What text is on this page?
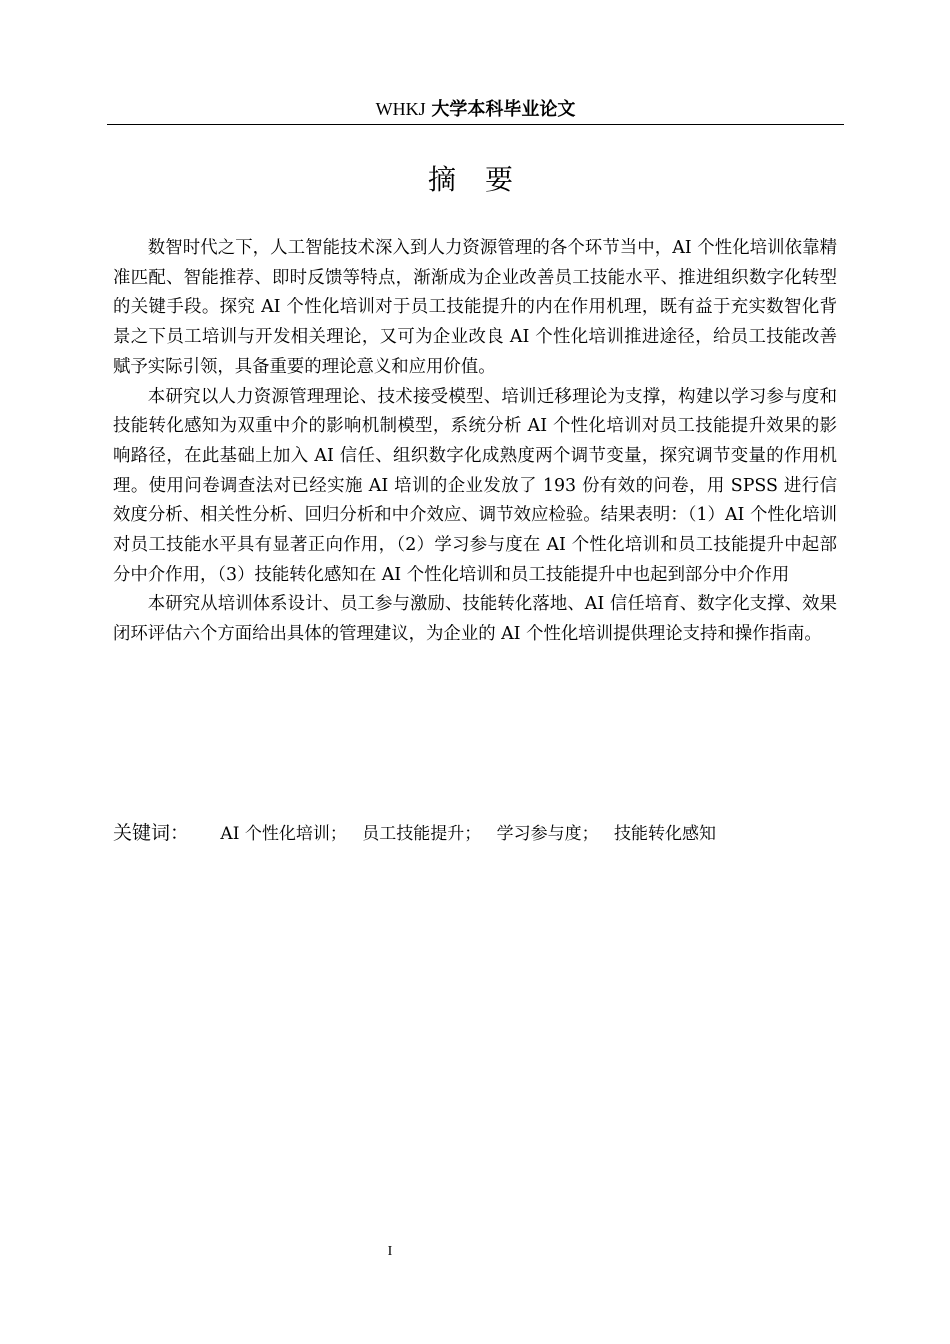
WHKJ 大学本科毕业论文
摘 要

数智时代之下，人工智能技术深入到人力资源管理的各个环节当中，AI 个性化培训依靠精准匹配、智能推荐、即时反馈等特点，渐渐成为企业改善员工技能水平、推进组织数字化转型的关键手段。探究 AI 个性化培训对于员工技能提升的内在作用机理，既有益于充实数智化背景之下员工培训与开发相关理论，又可为企业改良 AI 个性化培训推进途径，给员工技能改善赋予实际引领，具备重要的理论意义和应用价值。

本研究以人力资源管理理论、技术接受模型、培训迁移理论为支撑，构建以学习参与度和技能转化感知为双重中介的影响机制模型，系统分析 AI 个性化培训对员工技能提升效果的影响路径，在此基础上加入 AI 信任、组织数字化成熟度两个调节变量，探究调节变量的作用机理。使用问卷调查法对已经实施 AI 培训的企业发放了 193 份有效的问卷，用 SPSS 进行信效度分析、相关性分析、回归分析和中介效应、调节效应检验。结果表明：（1）AI 个性化培训对员工技能水平具有显著正向作用，（2）学习参与度在 AI 个性化培训和员工技能提升中起部分中介作用，（3）技能转化感知在 AI 个性化培训和员工技能提升中也起到部分中介作用

本研究从培训体系设计、员工参与激励、技能转化落地、AI 信任培育、数字化支撑、效果闭环评估六个方面给出具体的管理建议，为企业的 AI 个性化培训提供理论支持和操作指南。

关键词： AI 个性化培训； 员工技能提升； 学习参与度； 技能转化感知
I
